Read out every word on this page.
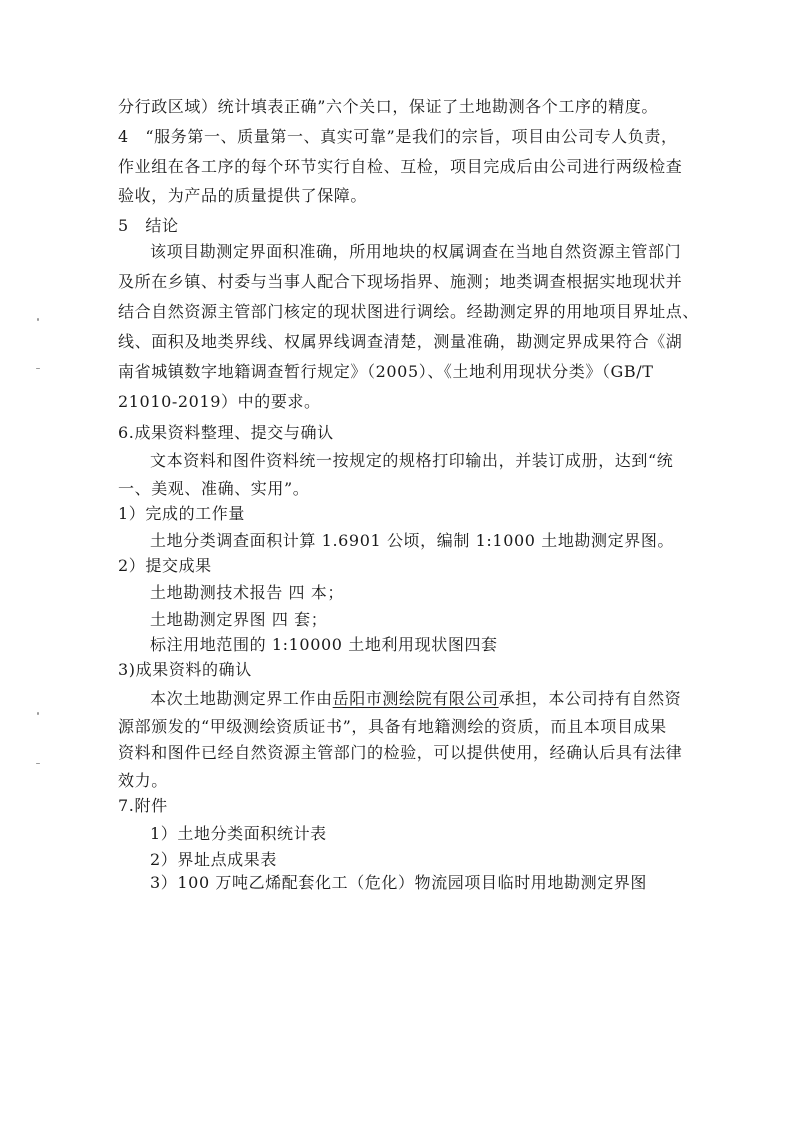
分行政区域）统计填表正确”六个关口，保证了土地勘测各个工序的精度。
4　“服务第一、质量第一、真实可靠”是我们的宗旨，项目由公司专人负责，
作业组在各工序的每个环节实行自检、互检，项目完成后由公司进行两级检查
验收，为产品的质量提供了保障。
5　结论
该项目勘测定界面积准确，所用地块的权属调查在当地自然资源主管部门
及所在乡镇、村委与当事人配合下现场指界、施测；地类调查根据实地现状并
结合自然资源主管部门核定的现状图进行调绘。经勘测定界的用地项目界址点、
线、面积及地类界线、权属界线调查清楚，测量准确，勘测定界成果符合《湖
南省城镇数字地籍调查暂行规定》（2005）、《土地利用现状分类》（GB/T
21010-2019）中的要求。
6.成果资料整理、提交与确认
文本资料和图件资料统一按规定的规格打印输出，并装订成册，达到“统
一、美观、准确、实用”。
1）完成的工作量
土地分类调查面积计算 1.6901 公顷，编制 1:1000 土地勘测定界图。
2）提交成果
土地勘测技术报告 四 本；
土地勘测定界图 四 套；
标注用地范围的 1:10000 土地利用现状图四套
3)成果资料的确认
本次土地勘测定界工作由岳阳市测绘院有限公司承担，本公司持有自然资
源部颁发的“甲级测绘资质证书”，具备有地籍测绘的资质，而且本项目成果
资料和图件已经自然资源主管部门的检验，可以提供使用，经确认后具有法律
效力。
7.附件
1）土地分类面积统计表
2）界址点成果表
3）100 万吨乙烯配套化工（危化）物流园项目临时用地勘测定界图
